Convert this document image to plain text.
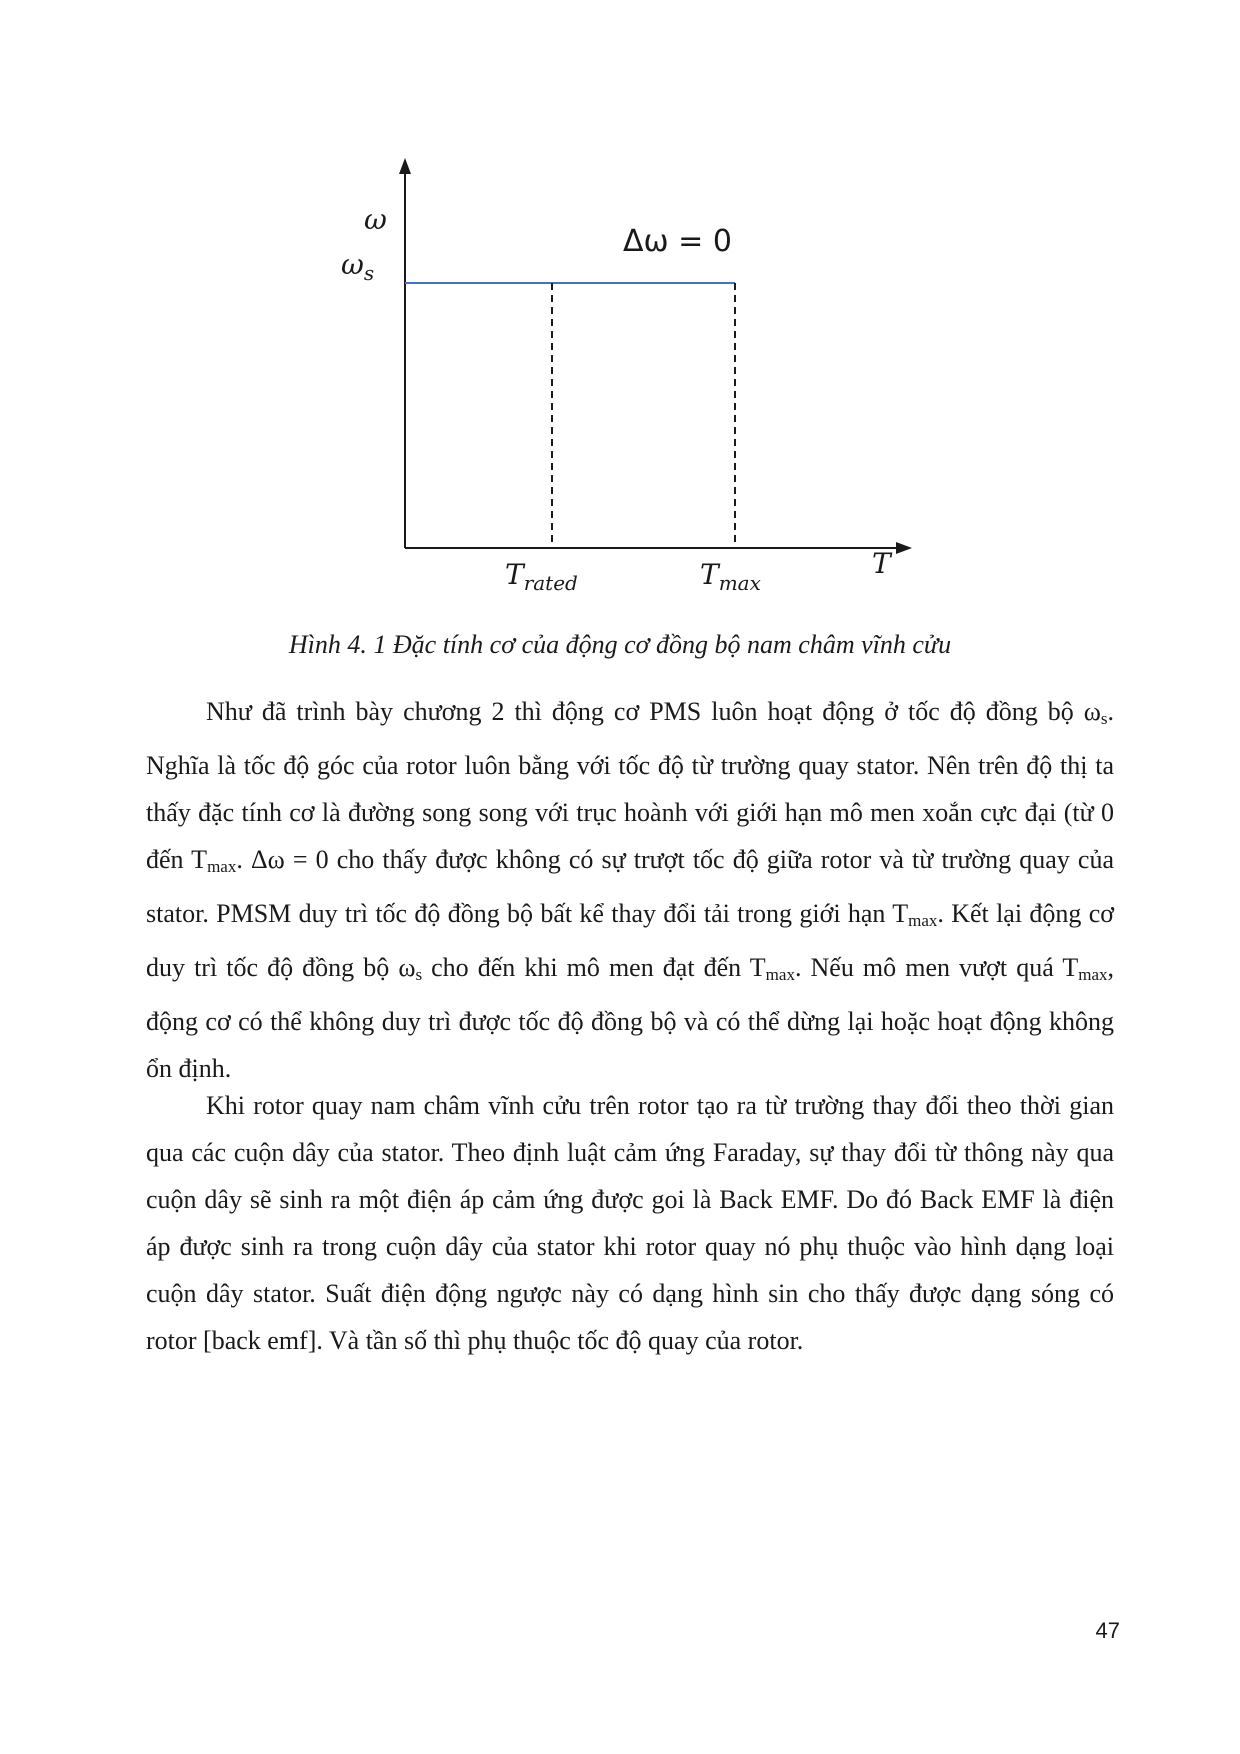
ω
$\omega_s$
Δω = 0
T
$T_{rated}$	$T_{max}$
Hình 4. 1 Đặc tính cơ của động cơ đồng bộ nam châm vĩnh cửu

Như đã trình bày chương 2 thì động cơ PMS luôn hoạt động ở tốc độ đồng bộ $\omega_s$. Nghĩa là tốc độ góc của rotor luôn bằng với tốc độ từ trường quay stator. Nên trên độ thị ta thấy đặc tính cơ là đường song song với trục hoành với giới hạn mô men xoắn cực đại (từ 0 đến $T_{max}$. Δω = 0 cho thấy được không có sự trượt tốc độ giữa rotor và từ trường quay của stator. PMSM duy trì tốc độ đồng bộ bất kể thay đổi tải trong giới hạn $T_{max}$. Kết lại động cơ duy trì tốc độ đồng bộ $\omega_s$ cho đến khi mô men đạt đến $T_{max}$. Nếu mô men vượt quá $T_{max}$, động cơ có thể không duy trì được tốc độ đồng bộ và có thể dừng lại hoặc hoạt động không ổn định.

Khi rotor quay nam châm vĩnh cửu trên rotor tạo ra từ trường thay đổi theo thời gian qua các cuộn dây của stator. Theo định luật cảm ứng Faraday, sự thay đổi từ thông này qua cuộn dây sẽ sinh ra một điện áp cảm ứng được goi là Back EMF. Do đó Back EMF là điện áp được sinh ra trong cuộn dây của stator khi rotor quay nó phụ thuộc vào hình dạng loại cuộn dây stator. Suất điện động ngược này có dạng hình sin cho thấy được dạng sóng có rotor [back emf]. Và tần số thì phụ thuộc tốc độ quay của rotor.

47
